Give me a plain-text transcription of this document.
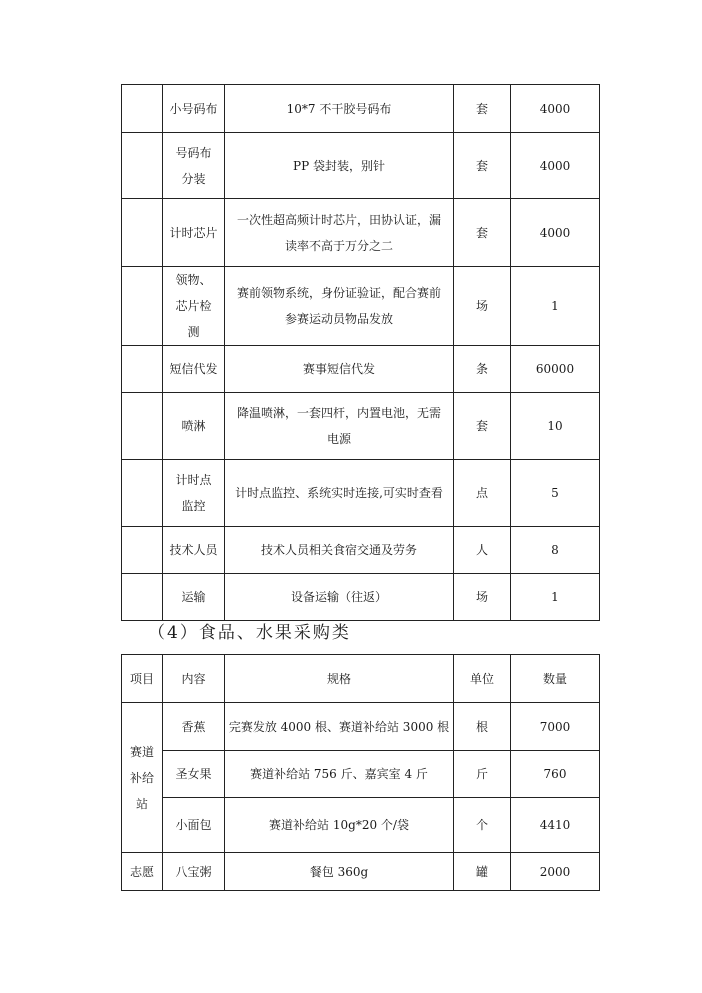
	小号码布	10*7 不干胶号码布	套	4000
	号码布分装	PP 袋封装，别针	套	4000
	计时芯片	一次性超高频计时芯片，田协认证，漏读率不高于万分之二	套	4000
	领物、芯片检测	赛前领物系统，身份证验证，配合赛前参赛运动员物品发放	场	1
	短信代发	赛事短信代发	条	60000
	喷淋	降温喷淋，一套四杆，内置电池，无需电源	套	10
	计时点监控	计时点监控、系统实时连接,可实时查看	点	5
	技术人员	技术人员相关食宿交通及劳务	人	8
	运输	设备运输（往返）	场	1
（4）食品、水果采购类
项目	内容	规格	单位	数量
赛道补给站	香蕉	完赛发放 4000 根、赛道补给站 3000 根	根	7000
	圣女果	赛道补给站 756 斤、嘉宾室 4 斤	斤	760
	小面包	赛道补给站 10g*20 个/袋	个	4410
志愿	八宝粥	餐包 360g	罐	2000
